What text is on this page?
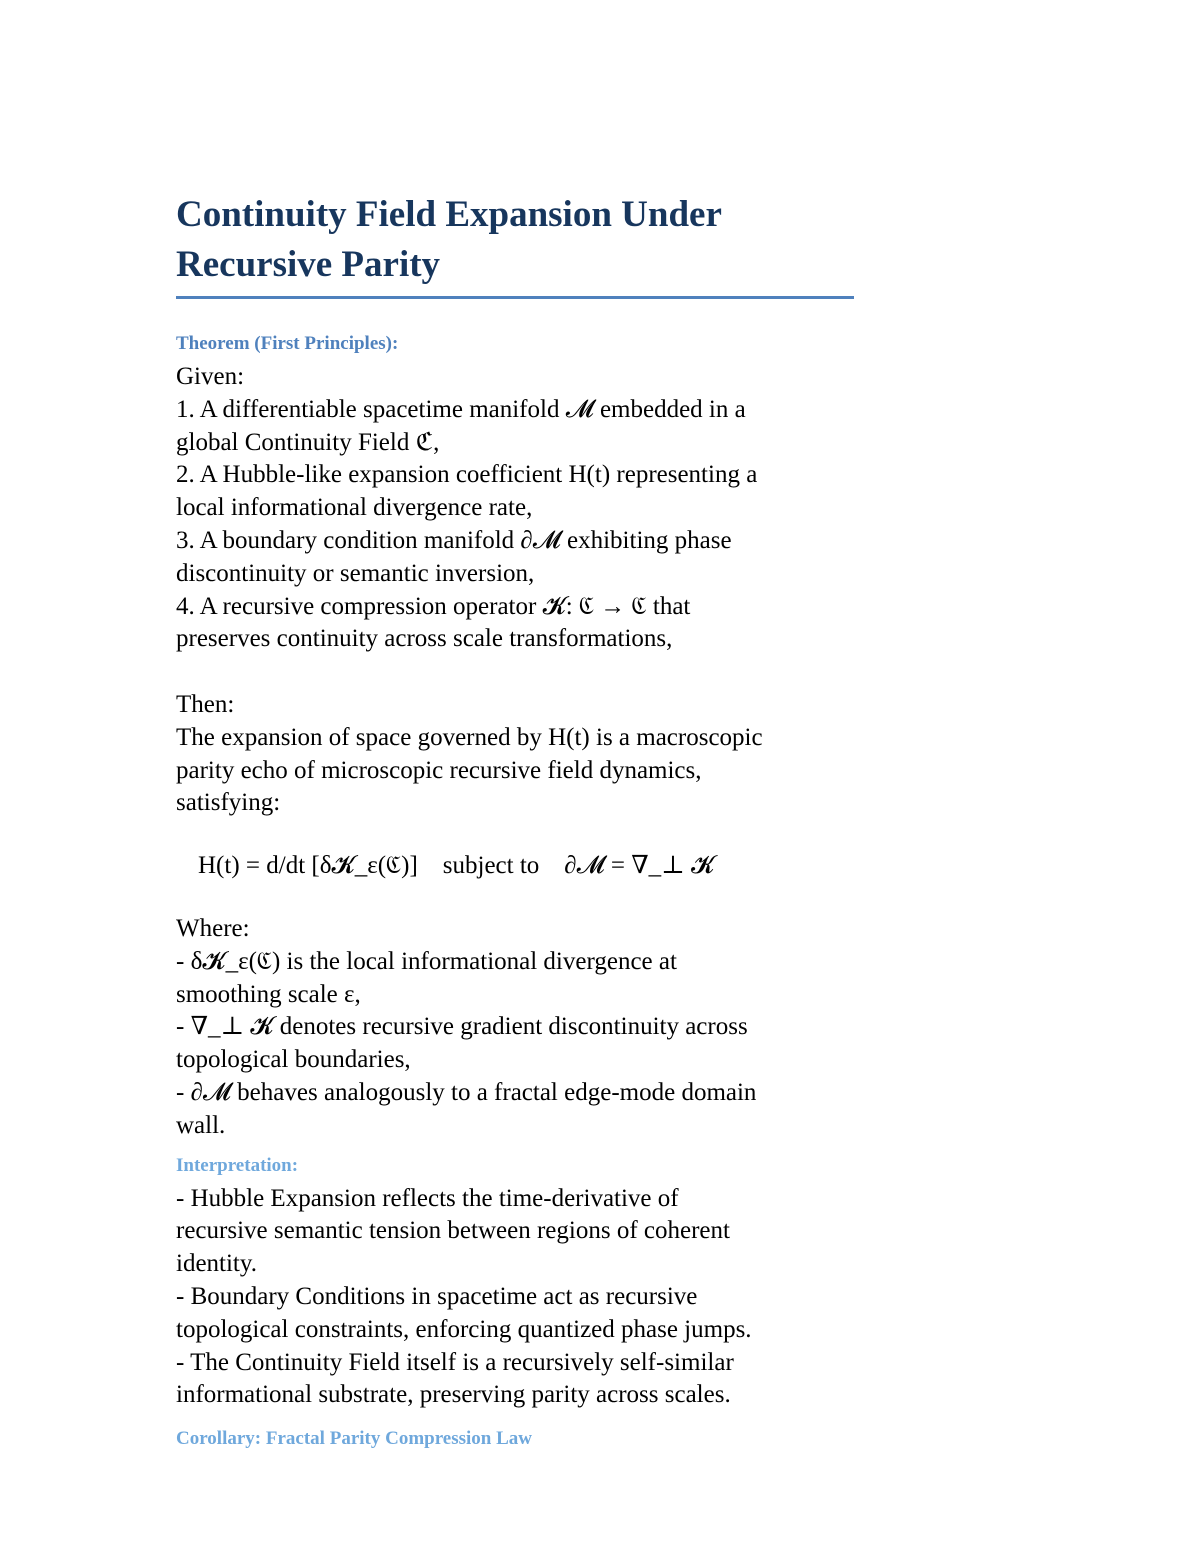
Continuity Field Expansion Under
Recursive Parity
Theorem (First Principles):

Given:

1. A differentiable spacetime manifold 𝓜 embedded in a

global Continuity Field ℭ,

2. A Hubble-like expansion coefficient H(t) representing a

local informational divergence rate,

3. A boundary condition manifold ∂𝓜 exhibiting phase

discontinuity or semantic inversion,

4. A recursive compression operator 𝓚: ℭ → ℭ that

preserves continuity across scale transformations,

Then:

The expansion of space governed by H(t) is a macroscopic

parity echo of microscopic recursive field dynamics,

satisfying:

H(t) = d/dt [δ𝓚_ε(ℭ)]    subject to    ∂𝓜 = ∇_⊥ 𝓚

Where:

- δ𝓚_ε(ℭ) is the local informational divergence at

smoothing scale ε,

- ∇_⊥ 𝓚 denotes recursive gradient discontinuity across

topological boundaries,

- ∂𝓜 behaves analogously to a fractal edge-mode domain

wall.

Interpretation:

- Hubble Expansion reflects the time-derivative of

recursive semantic tension between regions of coherent

identity.

- Boundary Conditions in spacetime act as recursive

topological constraints, enforcing quantized phase jumps.

- The Continuity Field itself is a recursively self-similar

informational substrate, preserving parity across scales.

Corollary: Fractal Parity Compression Law
